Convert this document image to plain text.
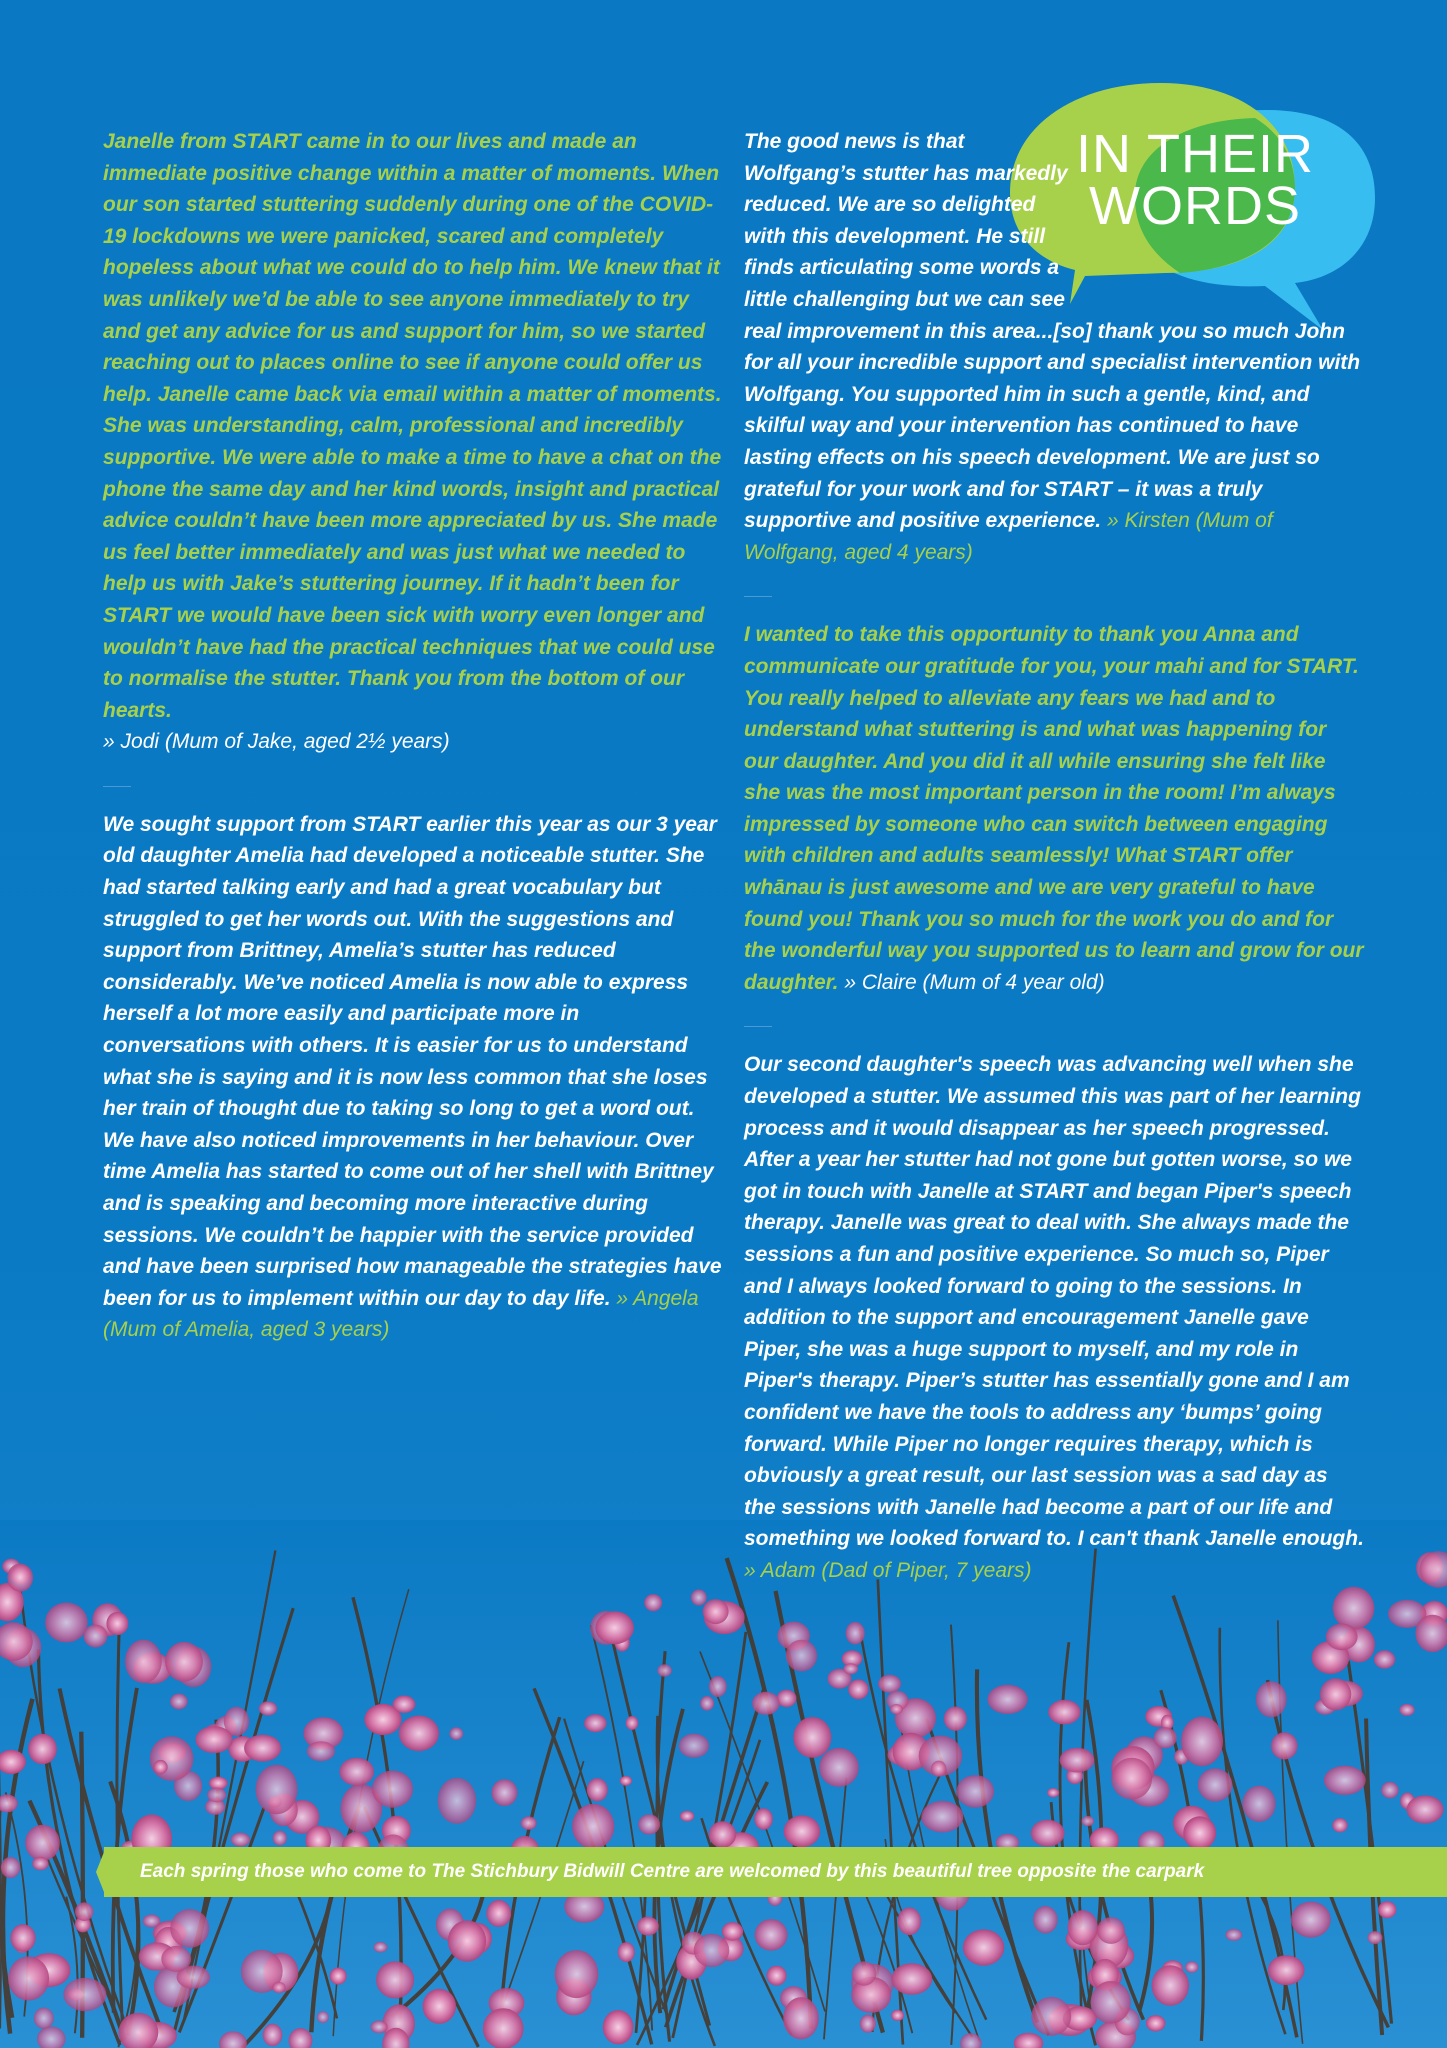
IN THEIR
WORDS

Janelle from START came in to our lives and made an immediate positive change within a matter of moments. When our son started stuttering suddenly during one of the COVID-19 lockdowns we were panicked, scared and completely hopeless about what we could do to help him. We knew that it was unlikely we’d be able to see anyone immediately to try and get any advice for us and support for him, so we started reaching out to places online to see if anyone could offer us help. Janelle came back via email within a matter of moments. She was understanding, calm, professional and incredibly supportive. We were able to make a time to have a chat on the phone the same day and her kind words, insight and practical advice couldn’t have been more appreciated by us. She made us feel better immediately and was just what we needed to help us with Jake’s stuttering journey. If it hadn’t been for START we would have been sick with worry even longer and wouldn’t have had the practical techniques that we could use to normalise the stutter. Thank you from the bottom of our hearts.
» Jodi (Mum of Jake, aged 2½ years)

We sought support from START earlier this year as our 3 year old daughter Amelia had developed a noticeable stutter. She had started talking early and had a great vocabulary but struggled to get her words out. With the suggestions and support from Brittney, Amelia’s stutter has reduced considerably. We’ve noticed Amelia is now able to express herself a lot more easily and participate more in conversations with others. It is easier for us to understand what she is saying and it is now less common that she loses her train of thought due to taking so long to get a word out. We have also noticed improvements in her behaviour. Over time Amelia has started to come out of her shell with Brittney and is speaking and becoming more interactive during sessions. We couldn’t be happier with the service provided and have been surprised how manageable the strategies have been for us to implement within our day to day life. » Angela (Mum of Amelia, aged 3 years)

The good news is that Wolfgang’s stutter has markedly reduced. We are so delighted with this development. He still finds articulating some words a little challenging but we can see real improvement in this area...[so] thank you so much John for all your incredible support and specialist intervention with Wolfgang. You supported him in such a gentle, kind, and skilful way and your intervention has continued to have lasting effects on his speech development. We are just so grateful for your work and for START – it was a truly supportive and positive experience. » Kirsten (Mum of Wolfgang, aged 4 years)

I wanted to take this opportunity to thank you Anna and communicate our gratitude for you, your mahi and for START. You really helped to alleviate any fears we had and to understand what stuttering is and what was happening for our daughter. And you did it all while ensuring she felt like she was the most important person in the room! I’m always impressed by someone who can switch between engaging with children and adults seamlessly! What START offer whānau is just awesome and we are very grateful to have found you! Thank you so much for the work you do and for the wonderful way you supported us to learn and grow for our daughter. » Claire (Mum of 4 year old)

Our second daughter's speech was advancing well when she developed a stutter. We assumed this was part of her learning process and it would disappear as her speech progressed. After a year her stutter had not gone but gotten worse, so we got in touch with Janelle at START and began Piper's speech therapy. Janelle was great to deal with. She always made the sessions a fun and positive experience. So much so, Piper and I always looked forward to going to the sessions. In addition to the support and encouragement Janelle gave Piper, she was a huge support to myself, and my role in Piper's therapy. Piper’s stutter has essentially gone and I am confident we have the tools to address any ‘bumps’ going forward. While Piper no longer requires therapy, which is obviously a great result, our last session was a sad day as the sessions with Janelle had become a part of our life and something we looked forward to. I can't thank Janelle enough. » Adam (Dad of Piper, 7 years)

Each spring those who come to The Stichbury Bidwill Centre are welcomed by this beautiful tree opposite the carpark
